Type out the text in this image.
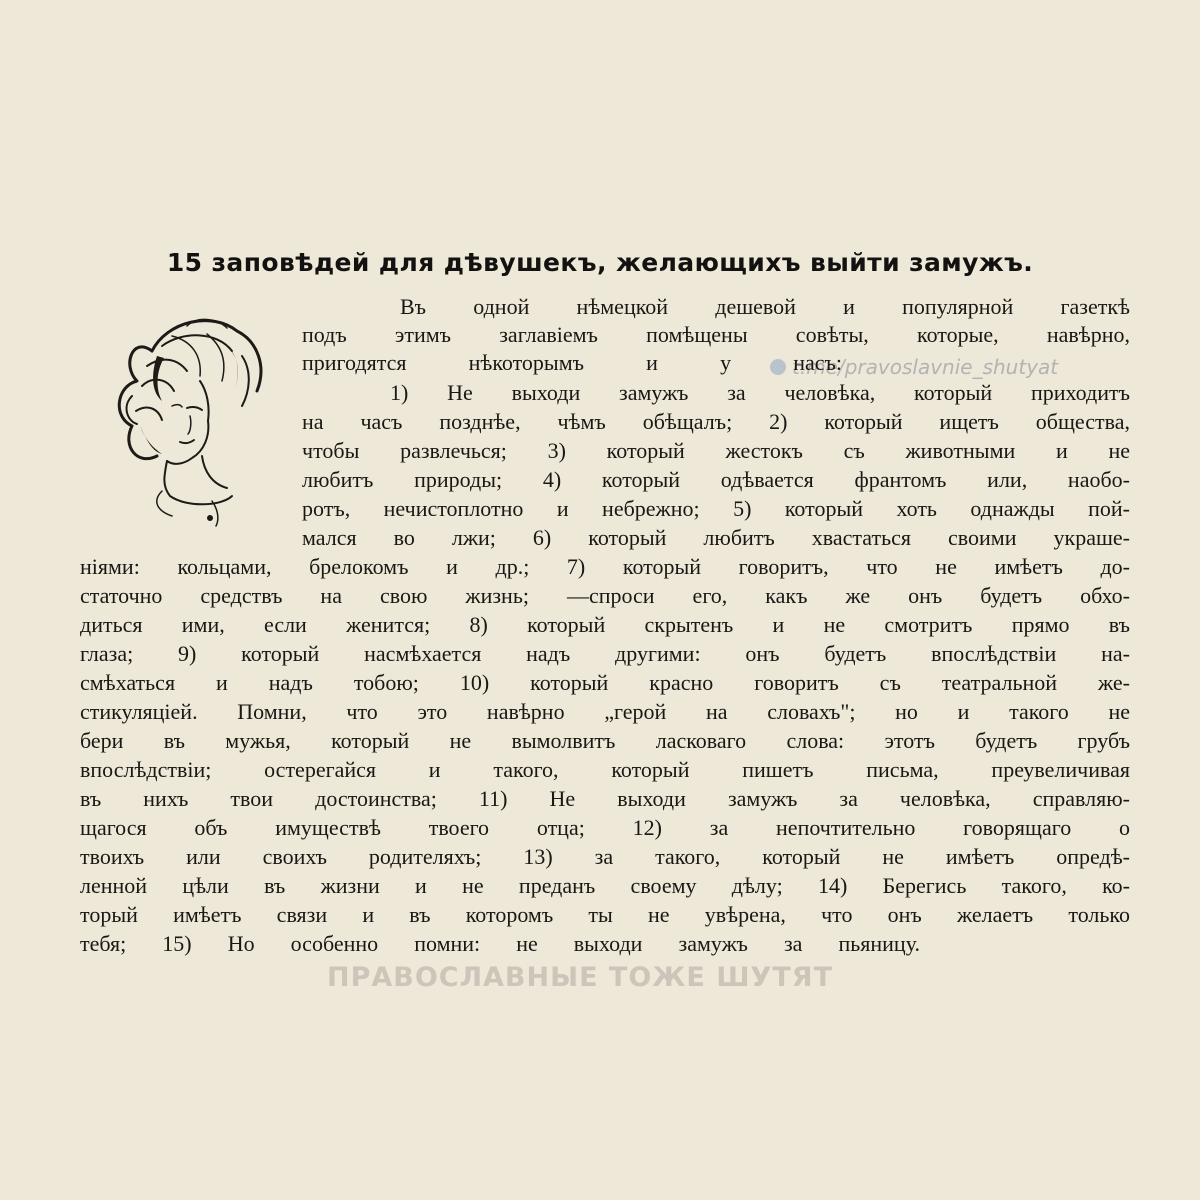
15 заповѣдей для дѣвушекъ, желающихъ выйти замужъ.
t.me/pravoslavnie_shutyat
Въ одной нѣмецкой дешевой и популярной газеткѣ
подъ этимъ заглавіемъ помѣщены совѣты, которые, навѣрно,
пригодятся нѣкоторымъ и у насъ:
1) Не выходи замужъ за человѣка, который приходитъ
на часъ позднѣе, чѣмъ обѣщалъ; 2) который ищетъ общества,
чтобы развлечься; 3) который жестокъ съ животными и не
любитъ природы; 4) который одѣвается франтомъ или, наобо-
ротъ, нечистоплотно и небрежно; 5) который хоть однажды пой-
мался во лжи; 6) который любитъ хвастаться своими украше-
ніями: кольцами, брелокомъ и др.; 7) который говоритъ, что не имѣетъ до-
статочно средствъ на свою жизнь; —спроси его, какъ же онъ будетъ обхо-
диться ими, если женится; 8) который скрытенъ и не смотритъ прямо въ
глаза; 9) который насмѣхается надъ другими: онъ будетъ впослѣдствіи на-
смѣхаться и надъ тобою; 10) который красно говоритъ съ театральной же-
стикуляціей. Помни, что это навѣрно „герой на словахъ"; но и такого не
бери въ мужья, который не вымолвитъ ласковаго слова: этотъ будетъ грубъ
впослѣдствіи; остерегайся и такого, который пишетъ письма, преувеличивая
въ нихъ твои достоинства; 11) Не выходи замужъ за человѣка, справляю-
щагося объ имуществѣ твоего отца; 12) за непочтительно говорящаго о
твоихъ или своихъ родителяхъ; 13) за такого, который не имѣетъ опредѣ-
ленной цѣли въ жизни и не преданъ своему дѣлу; 14) Берегись такого, ко-
торый имѣетъ связи и въ которомъ ты не увѣрена, что онъ желаетъ только
тебя; 15) Но особенно помни: не выходи замужъ за пьяницу.
ПРАВОСЛАВНЫЕ ТОЖЕ ШУТЯТ
